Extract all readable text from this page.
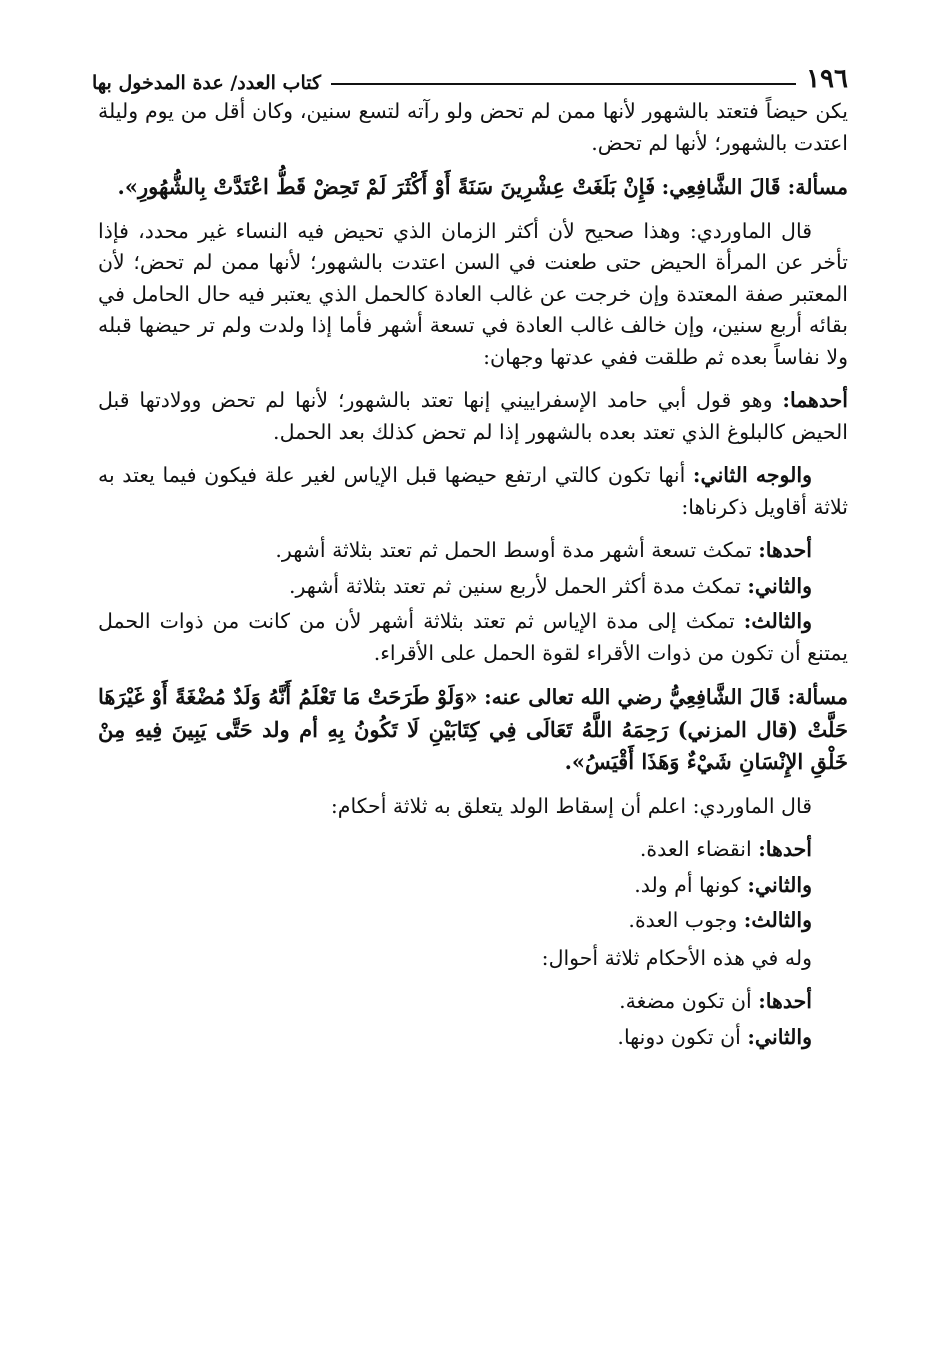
١٩٦
كتاب العدد/ عدة المدخول بها

يكن حيضاً فتعتد بالشهور لأنها ممن لم تحض ولو رآته لتسع سنين، وكان أقل من يوم وليلة اعتدت بالشهور؛ لأنها لم تحض.

مسألة: قَالَ الشَّافِعِي: فَإِنْ بَلَغَتْ عِشْرِينَ سَنَةً أَوْ أَكْثَرَ لَمْ تَحِضْ قَطُّ اعْتَدَّتْ بِالشُّهُورِ».

قال الماوردي: وهذا صحيح لأن أكثر الزمان الذي تحيض فيه النساء غير محدد، فإذا تأخر عن المرأة الحيض حتى طعنت في السن اعتدت بالشهور؛ لأنها ممن لم تحض؛ لأن المعتبر صفة المعتدة وإن خرجت عن غالب العادة كالحمل الذي يعتبر فيه حال الحامل في بقائه أربع سنين، وإن خالف غالب العادة في تسعة أشهر فأما إذا ولدت ولم تر حيضها قبله ولا نفاساً بعده ثم طلقت ففي عدتها وجهان:

أحدهما: وهو قول أبي حامد الإسفراييني إنها تعتد بالشهور؛ لأنها لم تحض وولادتها قبل الحيض كالبلوغ الذي تعتد بعده بالشهور إذا لم تحض كذلك بعد الحمل.

والوجه الثاني: أنها تكون كالتي ارتفع حيضها قبل الإياس لغير علة فيكون فيما يعتد به ثلاثة أقاويل ذكرناها:

أحدها: تمكث تسعة أشهر مدة أوسط الحمل ثم تعتد بثلاثة أشهر.

والثاني: تمكث مدة أكثر الحمل لأربع سنين ثم تعتد بثلاثة أشهر.

والثالث: تمكث إلى مدة الإياس ثم تعتد بثلاثة أشهر لأن من كانت من ذوات الحمل يمتنع أن تكون من ذوات الأقراء لقوة الحمل على الأقراء.

مسألة: قَالَ الشَّافِعِيُّ رضي الله تعالى عنه: «وَلَوْ طَرَحَتْ مَا تَعْلَمُ أَنَّهُ وَلَدٌ مُضْغَةً أَوْ غَيْرَهَا حَلَّتْ (قال المزني) رَحِمَهُ اللَّهُ تَعَالَى فِي كِتَابَيْنِ لَا تَكُونُ بِهِ أم ولد حَتَّى يَبِينَ فِيهِ مِنْ خَلْقِ الإِنْسَانِ شَيْءٌ وَهَذَا أَقْيَسُ».

قال الماوردي: اعلم أن إسقاط الولد يتعلق به ثلاثة أحكام:

أحدها: انقضاء العدة.

والثاني: كونها أم ولد.

والثالث: وجوب العدة.

وله في هذه الأحكام ثلاثة أحوال:

أحدها: أن تكون مضغة.

والثاني: أن تكون دونها.
